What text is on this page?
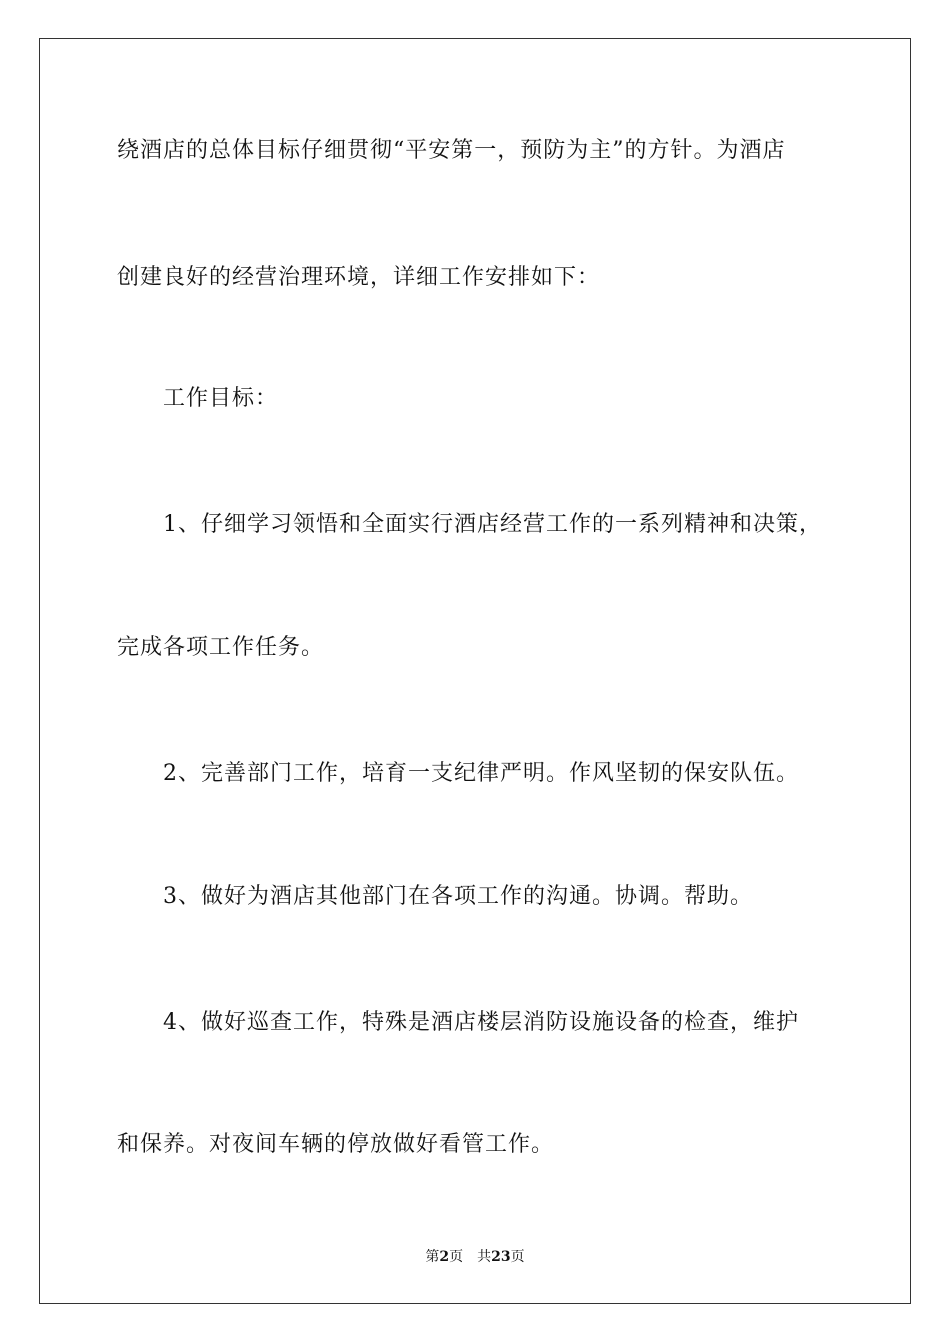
绕酒店的总体目标仔细贯彻“平安第一，预防为主”的方针。为酒店
创建良好的经营治理环境，详细工作安排如下：
工作目标：
1、仔细学习领悟和全面实行酒店经营工作的一系列精神和决策，
完成各项工作任务。
2、完善部门工作，培育一支纪律严明。作风坚韧的保安队伍。
3、做好为酒店其他部门在各项工作的沟通。协调。帮助。
4、做好巡查工作，特殊是酒店楼层消防设施设备的检查，维护
和保养。对夜间车辆的停放做好看管工作。
第2页 共23页
